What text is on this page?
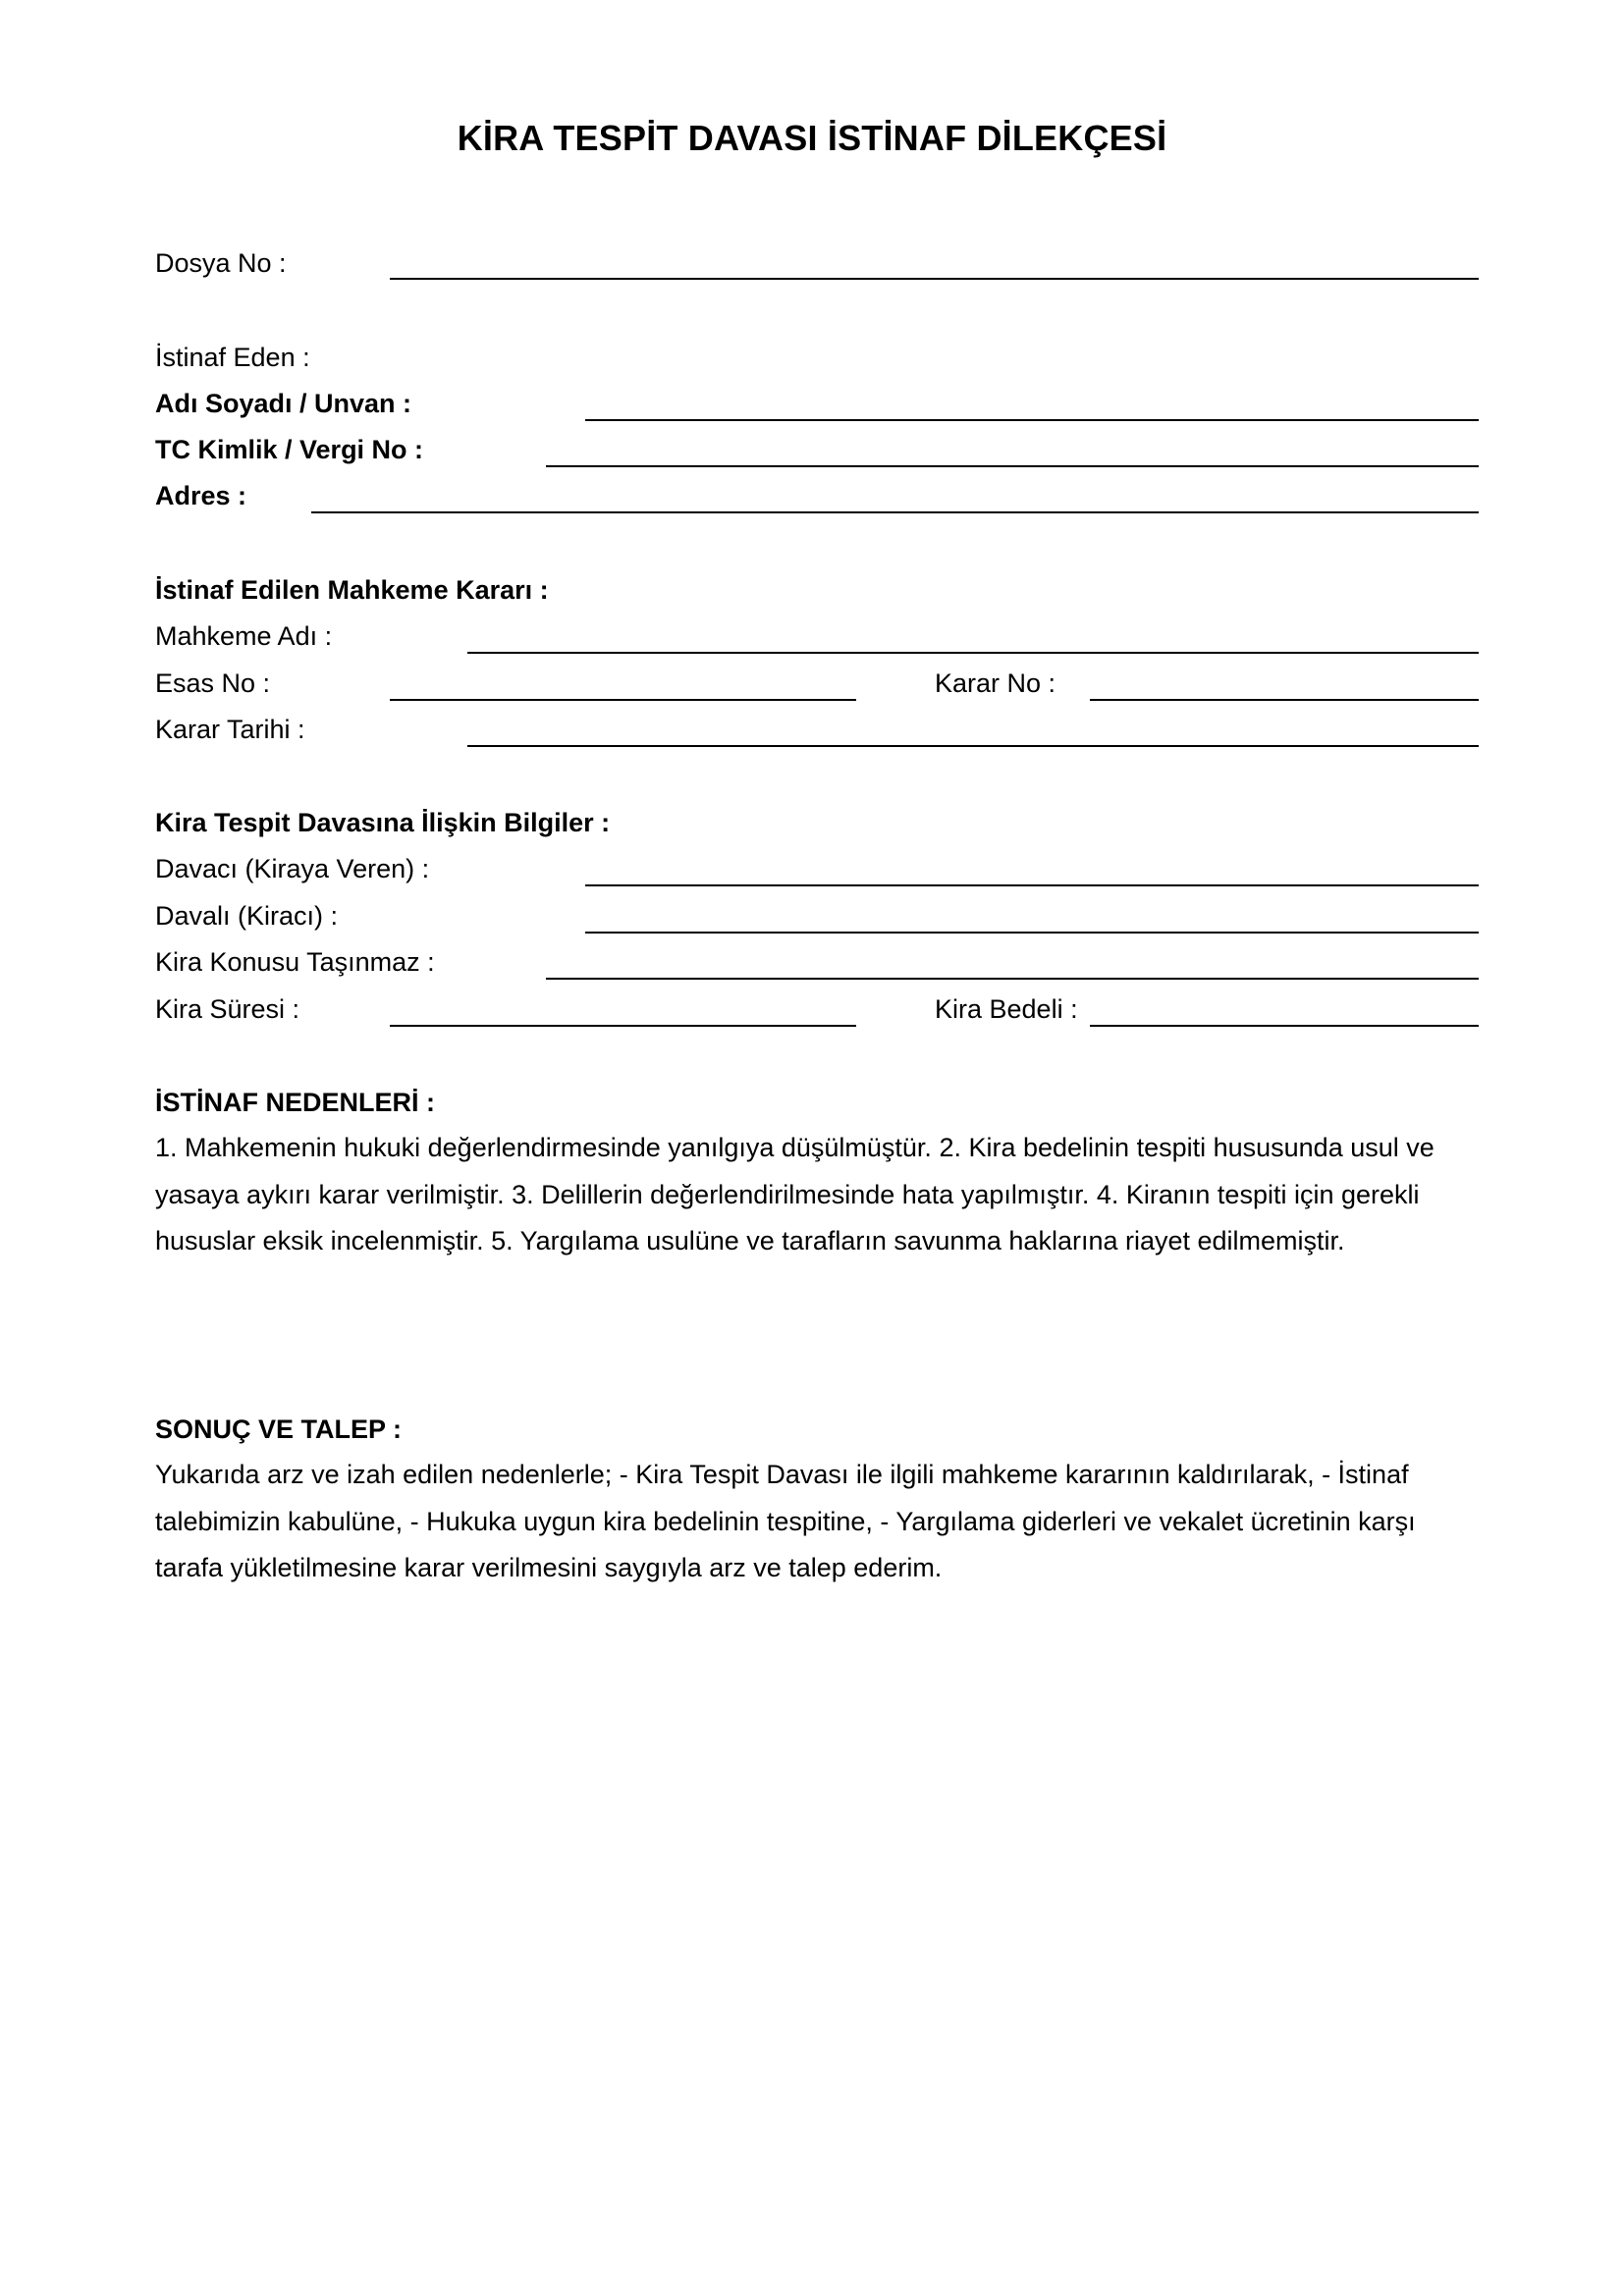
KİRA TESPİT DAVASI İSTİNAF DİLEKÇESİ
Dosya No :
İstinaf Eden :
Adı Soyadı / Unvan :
TC Kimlik / Vergi No :
Adres :
İstinaf Edilen Mahkeme Kararı :
Mahkeme Adı :
Esas No :	Karar No :
Karar Tarihi :
Kira Tespit Davasına İlişkin Bilgiler :
Davacı (Kiraya Veren) :
Davalı (Kiracı) :
Kira Konusu Taşınmaz :
Kira Süresi :	Kira Bedeli :
İSTİNAF NEDENLERİ :
1. Mahkemenin hukuki değerlendirmesinde yanılgıya düşülmüştür. 2. Kira bedelinin tespiti hususunda usul ve yasaya aykırı karar verilmiştir. 3. Delillerin değerlendirilmesinde hata yapılmıştır. 4. Kiranın tespiti için gerekli hususlar eksik incelenmiştir. 5. Yargılama usulüne ve tarafların savunma haklarına riayet edilmemiştir.
SONUÇ VE TALEP :
Yukarıda arz ve izah edilen nedenlerle; - Kira Tespit Davası ile ilgili mahkeme kararının kaldırılarak, - İstinaf talebimizin kabulüne, - Hukuka uygun kira bedelinin tespitine, - Yargılama giderleri ve vekalet ücretinin karşı tarafa yükletilmesine karar verilmesini saygıyla arz ve talep ederim.
